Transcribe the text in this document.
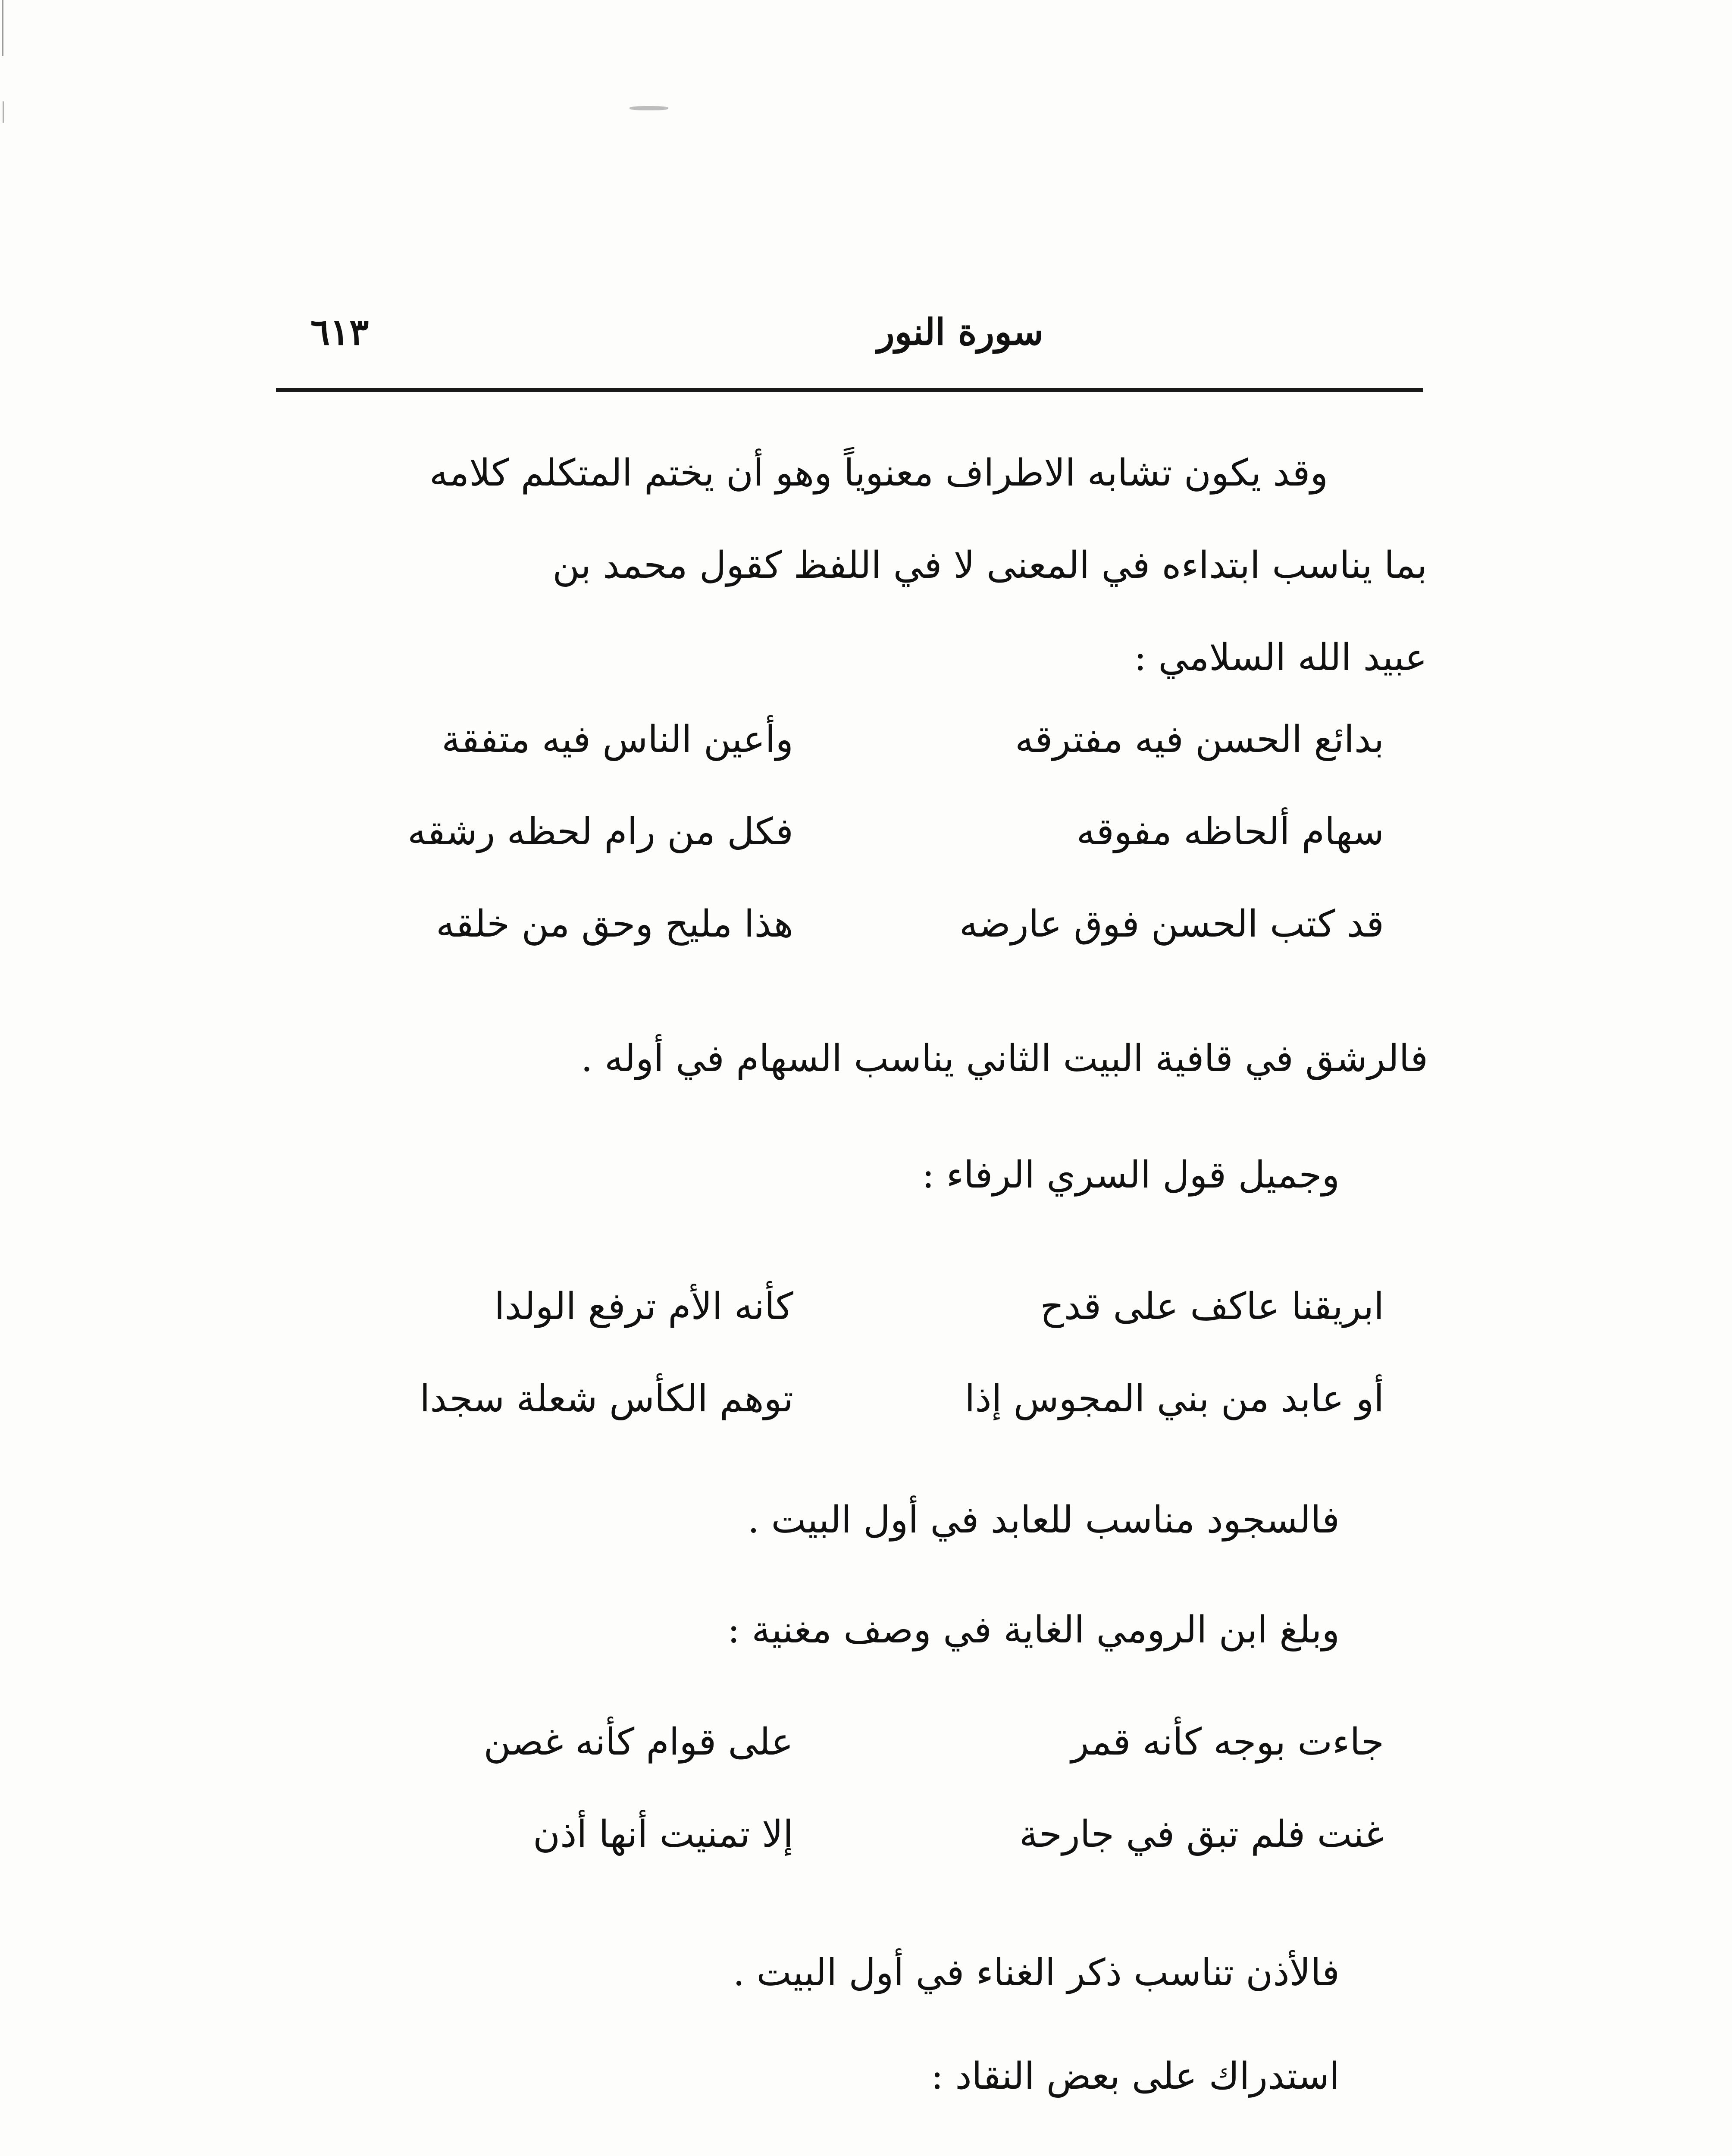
سورة النور
٦١٣
وقد يكون تشابه الاطراف معنوياً وهو أن يختم المتكلم كلامه
بما يناسب ابتداءه في المعنى لا في اللفظ كقول محمد بن
عبيد الله السلامي :
بدائع الحسن فيه مفترقه
وأعين الناس فيه متفقة
سهام ألحاظه مفوقه
فكل من رام لحظه رشقه
قد كتب الحسن فوق عارضه
هذا مليح وحق من خلقه
فالرشق في قافية البيت الثاني يناسب السهام في أوله .
وجميل قول السري الرفاء :
ابريقنا عاكف على قدح
كأنه الأم ترفع الولدا
أو عابد من بني المجوس إذا
توهم الكأس شعلة سجدا
فالسجود مناسب للعابد في أول البيت .
وبلغ ابن الرومي الغاية في وصف مغنية :
جاءت بوجه كأنه قمر
على قوام كأنه غصن
غنت فلم تبق في جارحة
إلا تمنيت أنها أذن
فالأذن تناسب ذكر الغناء في أول البيت .
استدراك على بعض النقاد :
